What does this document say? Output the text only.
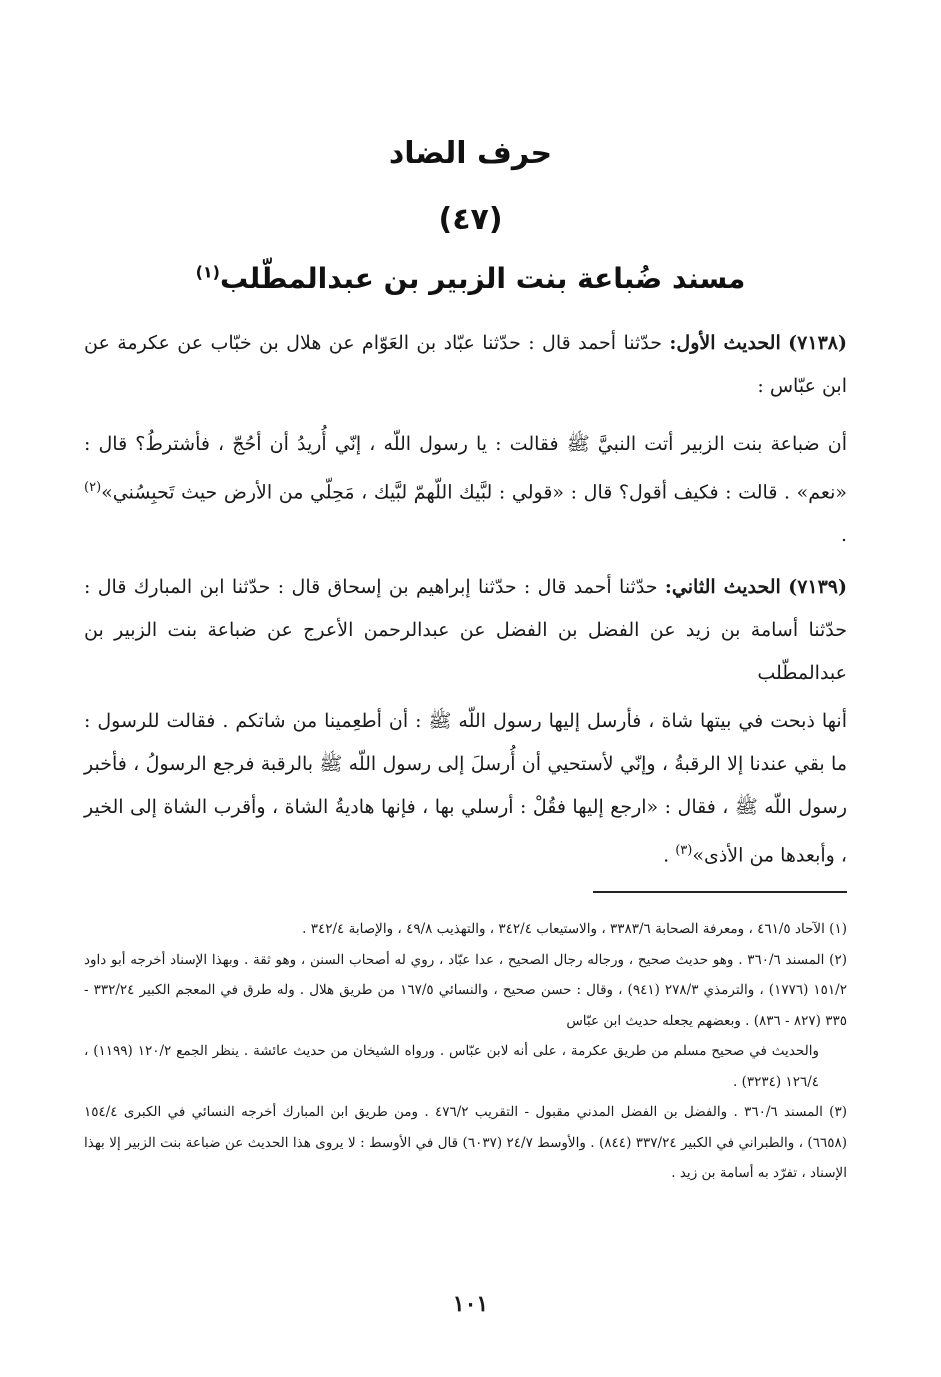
حرف الضاد
(٤٧)
مسند ضُباعة بنت الزبير بن عبدالمطّلب$^{(١)}$
(٧١٣٨) الحديث الأول: حدّثنا أحمد قال : حدّثنا عبّاد بن العَوّام عن هلال بن خبّاب عن عكرمة عن ابن عبّاس :
أن ضباعة بنت الزبير أتت النبيَّ ﷺ فقالت : يا رسول اللّه ، إنّي أُريدُ أن أحُجّ ، فأشترطُ؟ قال : «نعم» . قالت : فكيف أقول؟ قال : «قولي : لبَّيك اللّهمّ لبَّيك ، مَحِلّي من الأرض حيث تَحبِسُني»$^{(٢)}$ .
(٧١٣٩) الحديث الثاني: حدّثنا أحمد قال : حدّثنا إبراهيم بن إسحاق قال : حدّثنا ابن المبارك قال : حدّثنا أسامة بن زيد عن الفضل بن الفضل عن عبدالرحمن الأعرج عن ضباعة بنت الزبير بن عبدالمطّلب
أنها ذبحت في بيتها شاة ، فأرسل إليها رسول اللّه ﷺ : أن أطعِمينا من شاتكم . فقالت للرسول : ما بقي عندنا إلا الرقبةُ ، وإنّي لأستحيي أن أُرسلَ إلى رسول اللّه ﷺ بالرقبة فرجع الرسولُ ، فأخبر رسول اللّه ﷺ ، فقال : «ارجع إليها فقُلْ : أرسلي بها ، فإنها هاديةُ الشاة ، وأقرب الشاة إلى الخير ، وأبعدها من الأذى»$^{(٣)}$ .

(١) الآحاد ٤٦١/٥ ، ومعرفة الصحابة ٣٣٨٣/٦ ، والاستيعاب ٣٤٢/٤ ، والتهذيب ٤٩/٨ ، والإصابة ٣٤٢/٤ .

(٢) المسند ٣٦٠/٦ . وهو حديث صحيح ، ورجاله رجال الصحيح ، عدا عبّاد ، روي له أصحاب السنن ، وهو ثقة . وبهذا الإسناد أخرجه أبو داود ١٥١/٢ (١٧٧٦) ، والترمذي ٢٧٨/٣ (٩٤١) ، وقال : حسن صحيح ، والنسائي ١٦٧/٥ من طريق هلال . وله طرق في المعجم الكبير ٣٣٢/٢٤ - ٣٣٥ (٨٢٧ - ٨٣٦) . وبعضهم يجعله حديث ابن عبّاس

والحديث في صحيح مسلم من طريق عكرمة ، على أنه لابن عبّاس . ورواه الشيخان من حديث عائشة . ينظر الجمع ١٢٠/٢ (١١٩٩) ، ١٢٦/٤ (٣٢٣٤) .

(٣) المسند ٣٦٠/٦ . والفضل بن الفضل المدني مقبول - التقريب ٤٧٦/٢ . ومن طريق ابن المبارك أخرجه النسائي في الكبرى ١٥٤/٤ (٦٦٥٨) ، والطبراني في الكبير ٣٣٧/٢٤ (٨٤٤) . والأوسط ٢٤/٧ (٦٠٣٧) قال في الأوسط : لا يروى هذا الحديث عن ضباعة بنت الزبير إلا بهذا الإسناد ، تفرّد به أسامة بن زيد .

١٠١
